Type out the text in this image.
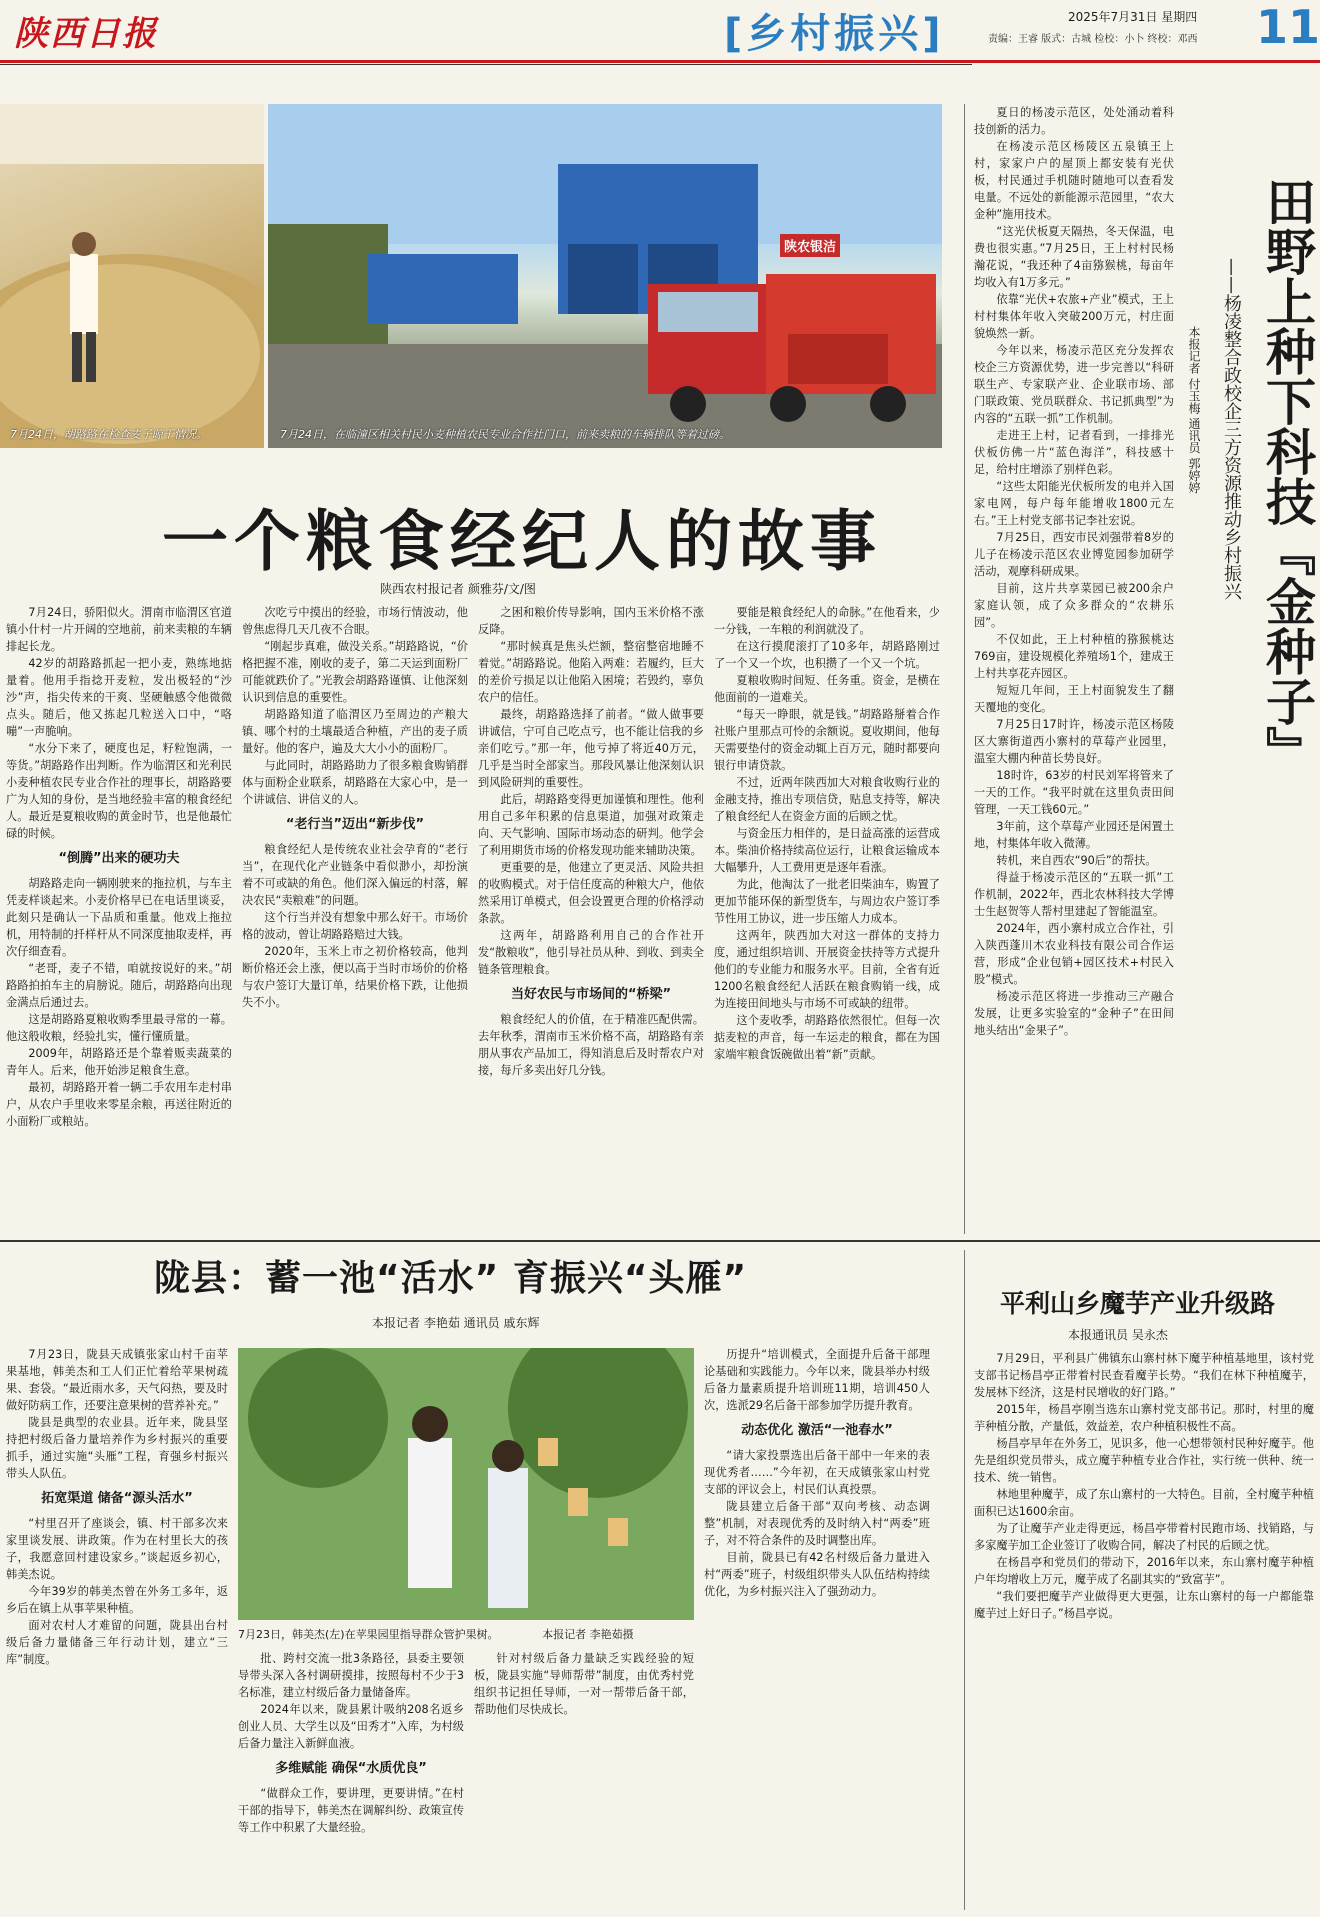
陕西日报	[乡村振兴]	2025年7月31日 星期四
责编：王睿 版式：古城 检校：小卜 终校：邓西 11
7月24日，胡路路在检查麦子晾干情况。
陕农银洁
7月24日，在临潼区相关村民小麦种植农民专业合作社门口，前来卖粮的车辆排队等着过磅。
一个粮食经纪人的故事
陕西农村报记者 颜雅芬/文/图

7月24日，骄阳似火。渭南市临渭区官道镇小什村一片开阔的空地前，前来卖粮的车辆排起长龙。

42岁的胡路路抓起一把小麦，熟练地掂量着。他用手指捻开麦粒，发出极轻的“沙沙”声，指尖传来的干爽、坚硬触感令他微微点头。随后，他又拣起几粒送入口中，“咯嘣”一声脆响。

“水分下来了，硬度也足，籽粒饱满，一等货。”胡路路作出判断。作为临渭区和光利民小麦种植农民专业合作社的理事长，胡路路要广为人知的身份，是当地经验丰富的粮食经纪人。最近是夏粮收购的黄金时节，也是他最忙碌的时候。

“倒腾”出来的硬功夫

胡路路走向一辆刚驶来的拖拉机，与车主凭麦样谈起来。小麦价格早已在电话里谈妥，此刻只是确认一下品质和重量。他戏上拖拉机，用特制的扦样杆从不同深度抽取麦样，再次仔细查看。

“老哥，麦子不错，咱就按说好的来。”胡路路拍拍车主的肩膀说。随后，胡路路向出现金满点后通过去。

这是胡路路夏粮收购季里最寻常的一幕。他这般收粮，经验扎实，懂行懂质量。

2009年，胡路路还是个靠着贩卖蔬菜的青年人。后来，他开始涉足粮食生意。

最初，胡路路开着一辆二手农用车走村串户，从农户手里收来零星余粮，再送往附近的小面粉厂或粮站。

次吃亏中摸出的经验，市场行情波动，他曾焦虑得几天几夜不合眼。

“刚起步真难，做没关系。”胡路路说，“价格把握不准，刚收的麦子，第二天运到面粉厂可能就跌价了。”光教会胡路路谨慎、让他深刻认识到信息的重要性。

胡路路知道了临渭区乃至周边的产粮大镇、哪个村的土壤最适合种植，产出的麦子质量好。他的客户，遍及大大小小的面粉厂。

与此同时，胡路路助力了很多粮食购销群体与面粉企业联系，胡路路在大家心中，是一个讲诚信、讲信义的人。

“老行当”迈出“新步伐”

粮食经纪人是传统农业社会孕育的“老行当”，在现代化产业链条中看似渺小，却扮演着不可或缺的角色。他们深入偏远的村落，解决农民“卖粮难”的问题。

这个行当并没有想象中那么好干。市场价格的波动，曾让胡路路赔过大钱。

2020年，玉米上市之初价格较高，他判断价格还会上涨，便以高于当时市场价的价格与农户签订大量订单，结果价格下跌，让他损失不小。

之困和粮价传导影响，国内玉米价格不涨反降。

“那时候真是焦头烂额，整宿整宿地睡不着觉。”胡路路说。他陷入两难：若履约，巨大的差价亏损足以让他陷入困境；若毁约，辜负农户的信任。

最终，胡路路选择了前者。“做人做事要讲诚信，宁可自己吃点亏，也不能让信我的乡亲们吃亏。”那一年，他亏掉了将近40万元，几乎是当时全部家当。那段风暴让他深刻认识到风险研判的重要性。

此后，胡路路变得更加谨慎和理性。他利用自己多年积累的信息渠道，加强对政策走向、天气影响、国际市场动态的研判。他学会了利用期货市场的价格发现功能来辅助决策。

更重要的是，他建立了更灵活、风险共担的收购模式。对于信任度高的种粮大户，他依然采用订单模式，但会设置更合理的价格浮动条款。

这两年，胡路路利用自己的合作社开发“散粮收”，他引导社员从种、到收、到卖全链条管理粮食。

当好农民与市场间的“桥梁”

粮食经纪人的价值，在于精准匹配供需。去年秋季，渭南市玉米价格不高，胡路路有亲朋从事农产品加工，得知消息后及时帮农户对接，每斤多卖出好几分钱。

要能是粮食经纪人的命脉。”在他看来，少一分钱，一车粮的利润就没了。

在这行摸爬滚打了10多年，胡路路刚过了一个又一个坎，也积攒了一个又一个坑。

夏粮收购时间短、任务重。资金，是横在他面前的一道难关。

“每天一睁眼，就是钱。”胡路路掰着合作社账户里那点可怜的余额说。夏收期间，他每天需要垫付的资金动辄上百万元，随时都要向银行申请贷款。

不过，近两年陕西加大对粮食收购行业的金融支持，推出专项信贷，贴息支持等，解决了粮食经纪人在资金方面的后顾之忧。

与资金压力相伴的，是日益高涨的运营成本。柴油价格持续高位运行，让粮食运输成本大幅攀升，人工费用更是逐年看涨。

为此，他淘汰了一批老旧柴油车，购置了更加节能环保的新型货车，与周边农户签订季节性用工协议，进一步压缩人力成本。

这两年，陕西加大对这一群体的支持力度，通过组织培训、开展资金扶持等方式提升他们的专业能力和服务水平。目前，全省有近1200名粮食经纪人活跃在粮食购销一线，成为连接田间地头与市场不可或缺的纽带。

这个麦收季，胡路路依然很忙。但每一次掂麦粒的声音，每一车运走的粮食，都在为国家端牢粮食饭碗做出着“新”贡献。

田野上种下科技『金种子』
——杨凌整合政校企三方资源推动乡村振兴
本报记者 付玉梅 通讯员 郭婷婷

夏日的杨凌示范区，处处涌动着科技创新的活力。

在杨凌示范区杨陵区五泉镇王上村，家家户户的屋顶上都安装有光伏板，村民通过手机随时随地可以查看发电量。不远处的新能源示范园里，“农大金种”施用技术。

“这光伏板夏天隔热，冬天保温，电费也很实惠。”7月25日，王上村村民杨瀚花说，“我还种了4亩猕猴桃，每亩年均收入有1万多元。”

依靠“光伏+农旅+产业”模式，王上村村集体年收入突破200万元，村庄面貌焕然一新。

今年以来，杨凌示范区充分发挥农校企三方资源优势，进一步完善以“科研联生产、专家联产业、企业联市场、部门联政策、党员联群众、书记抓典型”为内容的“五联一抓”工作机制。

走进王上村，记者看到，一排排光伏板仿佛一片“蓝色海洋”，科技感十足，给村庄增添了别样色彩。

“这些太阳能光伏板所发的电并入国家电网，每户每年能增收1800元左右。”王上村党支部书记李社宏说。

7月25日，西安市民刘强带着8岁的儿子在杨凌示范区农业博览园参加研学活动，观摩科研成果。

目前，这片共享菜园已被200余户家庭认领，成了众多群众的“农耕乐园”。

不仅如此，王上村种植的猕猴桃达769亩，建设规模化养殖场1个，建成王上村共享花卉园区。

短短几年间，王上村面貌发生了翻天覆地的变化。

7月25日17时许，杨凌示范区杨陵区大寨街道西小寨村的草莓产业园里，温室大棚内种苗长势良好。

18时许，63岁的村民刘军将管来了一天的工作。“我平时就在这里负责田间管理，一天工钱60元。”

3年前，这个草莓产业园还是闲置土地，村集体年收入微薄。

转机，来自西农“90后”的帮扶。

得益于杨凌示范区的“五联一抓”工作机制，2022年，西北农林科技大学博士生赵贺等人帮村里建起了智能温室。

2024年，西小寨村成立合作社，引入陕西蓬川木农业科技有限公司合作运营，形成“企业包销+园区技术+村民入股”模式。

杨凌示范区将进一步推动三产融合发展，让更多实验室的“金种子”在田间地头结出“金果子”。

陇县：蓄一池“活水” 育振兴“头雁”
本报记者 李艳茹 通讯员 戚东辉

7月23日，陇县天成镇张家山村千亩苹果基地，韩美杰和工人们正忙着给苹果树疏果、套袋。“最近雨水多，天气闷热，要及时做好防病工作，还要注意果树的营养补充。”

陇县是典型的农业县。近年来，陇县坚持把村级后备力量培养作为乡村振兴的重要抓手，通过实施“头雁”工程，育强乡村振兴带头人队伍。

拓宽渠道 储备“源头活水”

“村里召开了座谈会，镇、村干部多次来家里谈发展、讲政策。作为在村里长大的孩子，我愿意回村建设家乡。”谈起返乡初心，韩美杰说。

今年39岁的韩美杰曾在外务工多年，返乡后在镇上从事苹果种植。

面对农村人才难留的问题，陇县出台村级后备力量储备三年行动计划，建立“三库”制度。

7月23日，韩美杰(左)在苹果园里指导群众管护果树。	本报记者 李艳茹摄

批、跨村交流一批3条路径，县委主要领导带头深入各村调研摸排，按照每村不少于3名标准，建立村级后备力量储备库。

2024年以来，陇县累计吸纳208名返乡创业人员、大学生以及“田秀才”入库，为村级后备力量注入新鲜血液。

多维赋能 确保“水质优良”

“做群众工作，要讲理，更要讲情。”在村干部的指导下，韩美杰在调解纠纷、政策宣传等工作中积累了大量经验。

针对村级后备力量缺乏实践经验的短板，陇县实施“导师帮带”制度，由优秀村党组织书记担任导师，一对一帮带后备干部，帮助他们尽快成长。

历提升“培训模式，全面提升后备干部理论基础和实践能力。今年以来，陇县举办村级后备力量素质提升培训班11期，培训450人次，选派29名后备干部参加学历提升教育。

动态优化 激活“一池春水”

“请大家投票选出后备干部中一年来的表现优秀者……”今年初，在天成镇张家山村党支部的评议会上，村民们认真投票。

陇县建立后备干部“双向考核、动态调整”机制，对表现优秀的及时纳入村“两委”班子，对不符合条件的及时调整出库。

目前，陇县已有42名村级后备力量进入村“两委”班子，村级组织带头人队伍结构持续优化，为乡村振兴注入了强劲动力。

平利山乡魔芋产业升级路
本报通讯员 吴永杰

7月29日，平利县广佛镇东山寨村林下魔芋种植基地里，该村党支部书记杨昌亭正带着村民查看魔芋长势。“我们在林下种植魔芋，发展林下经济，这是村民增收的好门路。”

2015年，杨昌亭刚当选东山寨村党支部书记。那时，村里的魔芋种植分散，产量低，效益差，农户种植积极性不高。

杨昌亭早年在外务工，见识多，他一心想带领村民种好魔芋。他先是组织党员带头，成立魔芋种植专业合作社，实行统一供种、统一技术、统一销售。

林地里种魔芋，成了东山寨村的一大特色。目前，全村魔芋种植面积已达1600余亩。

为了让魔芋产业走得更远，杨昌亭带着村民跑市场、找销路，与多家魔芋加工企业签订了收购合同，解决了村民的后顾之忧。

在杨昌亭和党员们的带动下，2016年以来，东山寨村魔芋种植户年均增收上万元，魔芋成了名副其实的“致富芋”。

“我们要把魔芋产业做得更大更强，让东山寨村的每一户都能靠魔芋过上好日子。”杨昌亭说。
